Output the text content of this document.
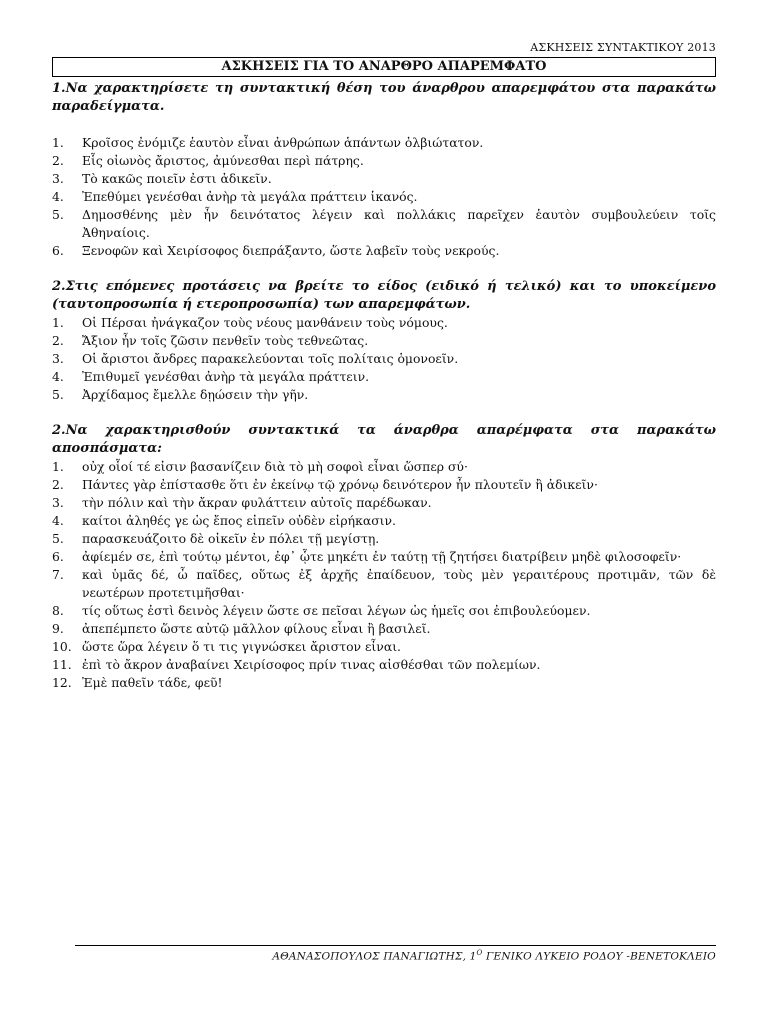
ΑΣΚΗΣΕΙΣ ΣΥΝΤΑΚΤΙΚΟΥ 2013
ΑΣΚΗΣΕΙΣ ΓΙΑ ΤΟ ΑΝΑΡΘΡΟ ΑΠΑΡΕΜΦΑΤΟ

1.Να χαρακτηρίσετε τη συντακτική θέση του άναρθρου απαρεμφάτου στα παρακάτω
παραδείγματα.

1.	Κροῖσος ἐνόμιζε ἑαυτὸν εἶναι ἀνθρώπων ἁπάντων ὀλβιώτατον.
2.	Εἷς οἰωνὸς ἄριστος, ἀμύνεσθαι περὶ πάτρης.
3.	Τὸ κακῶς ποιεῖν ἐστι ἀδικεῖν.
4.	Ἐπεθύμει γενέσθαι ἀνὴρ τὰ μεγάλα πράττειν ἱκανός.
5.	Δημοσθένης μὲν ἦν δεινότατος λέγειν καὶ πολλάκις παρεῖχεν ἑαυτὸν συμβουλεύειν τοῖς
Ἀθηναίοις.
6.	Ξενοφῶν καὶ Χειρίσοφος διεπράξαντο, ὥστε λαβεῖν τοὺς νεκρούς.

2.Στις επόμενες προτάσεις να βρείτε το είδος (ειδικό ή τελικό) και το υποκείμενο
(ταυτοπροσωπία ή ετεροπροσωπία) των απαρεμφάτων.

1.	Οἱ Πέρσαι ἠνάγκαζον τοὺς νέους μανθάνειν τοὺς νόμους.
2.	Ἄξιον ἦν τοῖς ζῶσιν πενθεῖν τοὺς τεθνεῶτας.
3.	Οἱ ἄριστοι ἄνδρες παρακελεύονται τοῖς πολίταις ὁμονοεῖν.
4.	Ἐπιθυμεῖ γενέσθαι ἀνὴρ τὰ μεγάλα πράττειν.
5.	Ἀρχίδαμος ἔμελλε δῃώσειν τὴν γῆν.

2.Να χαρακτηρισθούν συντακτικά τα άναρθρα απαρέμφατα στα παρακάτω
αποσπάσματα:

1.	οὐχ οἷοί τέ εἰσιν βασανίζειν διὰ τὸ μὴ σοφοὶ εἶναι ὥσπερ σύ·
2.	Πάντες γὰρ ἐπίστασθε ὅτι ἐν ἐκείνῳ τῷ χρόνῳ δεινότερον ἦν πλουτεῖν ἢ ἀδικεῖν·
3.	τὴν πόλιν καὶ τὴν ἄκραν φυλάττειν αὐτοῖς παρέδωκαν.
4.	καίτοι ἀληθές γε ὡς ἔπος εἰπεῖν οὐδὲν εἰρήκασιν.
5.	παρασκευάζοιτο δὲ οἰκεῖν ἐν πόλει τῇ μεγίστῃ.
6.	ἀφίεμέν σε, ἐπὶ τούτῳ μέντοι, ἐφ᾽ ᾧτε μηκέτι ἐν ταύτῃ τῇ ζητήσει διατρίβειν μηδὲ φιλοσοφεῖν·
7.	καὶ ὑμᾶς δέ, ὦ παῖδες, οὕτως ἐξ ἀρχῆς ἐπαίδευον, τοὺς μὲν γεραιτέρους προτιμᾶν, τῶν δὲ
νεωτέρων προτετιμῆσθαι·
8.	τίς οὕτως ἐστὶ δεινὸς λέγειν ὥστε σε πεῖσαι λέγων ὡς ἡμεῖς σοι ἐπιβουλεύομεν.
9.	ἀπεπέμπετο ὥστε αὐτῷ μᾶλλον φίλους εἶναι ἢ βασιλεῖ.
10. ὥστε ὥρα λέγειν ὅ τι τις γιγνώσκει ἄριστον εἶναι.
11. ἐπὶ τὸ ἄκρον ἀναβαίνει Χειρίσοφος πρίν τινας αἰσθέσθαι τῶν πολεμίων.
12. Ἐμὲ παθεῖν τάδε, φεῦ!
ΑΘΑΝΑΣΟΠΟΥΛΟΣ ΠΑΝΑΓΙΩΤΗΣ, $1^O$ ΓΕΝΙΚΟ ΛΥΚΕΙΟ ΡΟΔΟΥ -ΒΕΝΕΤΟΚΛΕΙΟ
